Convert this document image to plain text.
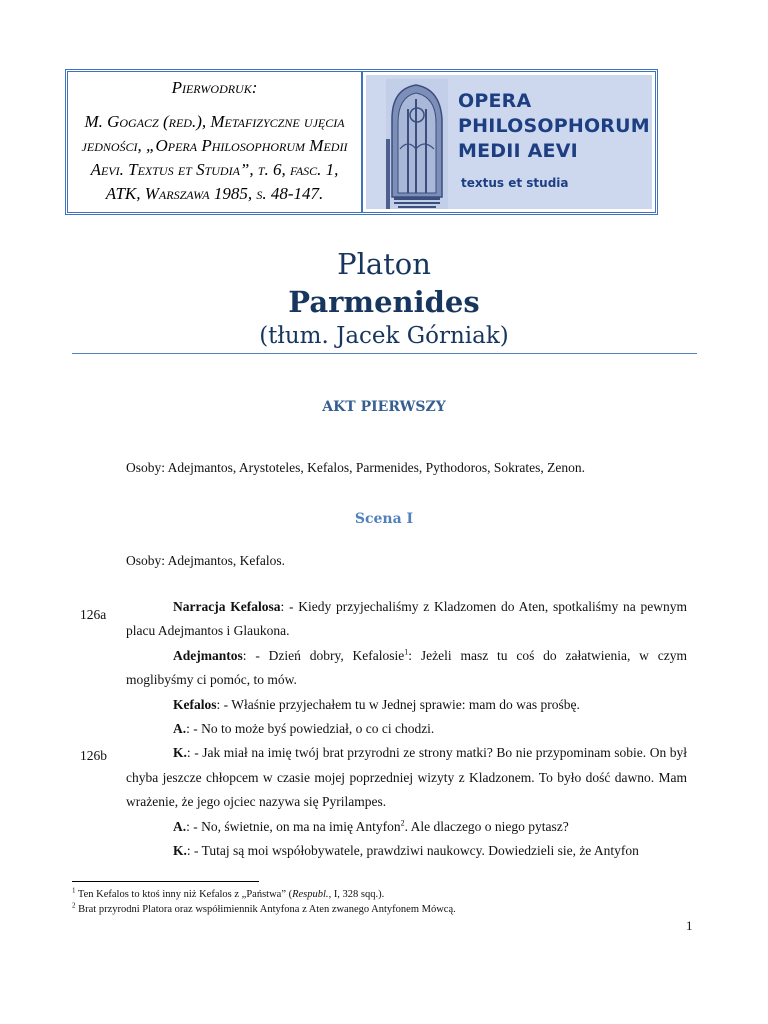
Pierwodruk:
M. Gogacz (red.), Metafizyczne ujęcia
jedności, „Opera Philosophorum Medii
Aevi. Textus et Studia”, t. 6, fasc. 1,
ATK, Warszawa 1985, s. 48-147.
OPERA
PHILOSOPHORUM
MEDII AEVI
textus et studia
Platon
Parmenides
(tłum. Jacek Górniak)
AKT PIERWSZY
Osoby: Adejmantos, Arystoteles, Kefalos, Parmenides, Pythodoros, Sokrates, Zenon.
Scena I
Osoby: Adejmantos, Kefalos.
126a
126b

Narracja Kefalosa: - Kiedy przyjechaliśmy z Kladzomen do Aten, spotkaliśmy na pewnym placu Adejmantos i Glaukona.

Adejmantos: - Dzień dobry, Kefalosie$^1$: Jeżeli masz tu coś do załatwienia, w czym moglibyśmy ci pomóc, to mów.

Kefalos: - Właśnie przyjechałem tu w Jednej sprawie: mam do was prośbę.

A.: - No to może byś powiedział, o co ci chodzi.

K.: - Jak miał na imię twój brat przyrodni ze strony matki? Bo nie przypominam sobie. On był chyba jeszcze chłopcem w czasie mojej poprzedniej wizyty z Kladzonem. To było dość dawno. Mam wrażenie, że jego ojciec nazywa się Pyrilampes.

A.: - No, świetnie, on ma na imię Antyfon$^2$. Ale dlaczego o niego pytasz?

K.: - Tutaj są moi współobywatele, prawdziwi naukowcy. Dowiedzieli sie, że Antyfon

$^1$ Ten Kefalos to ktoś inny niż Kefalos z „Państwa” (Respubl., I, 328 sqq.).
$^2$ Brat przyrodni Platora oraz współimiennik Antyfona z Aten zwanego Antyfonem Mówcą.
1
